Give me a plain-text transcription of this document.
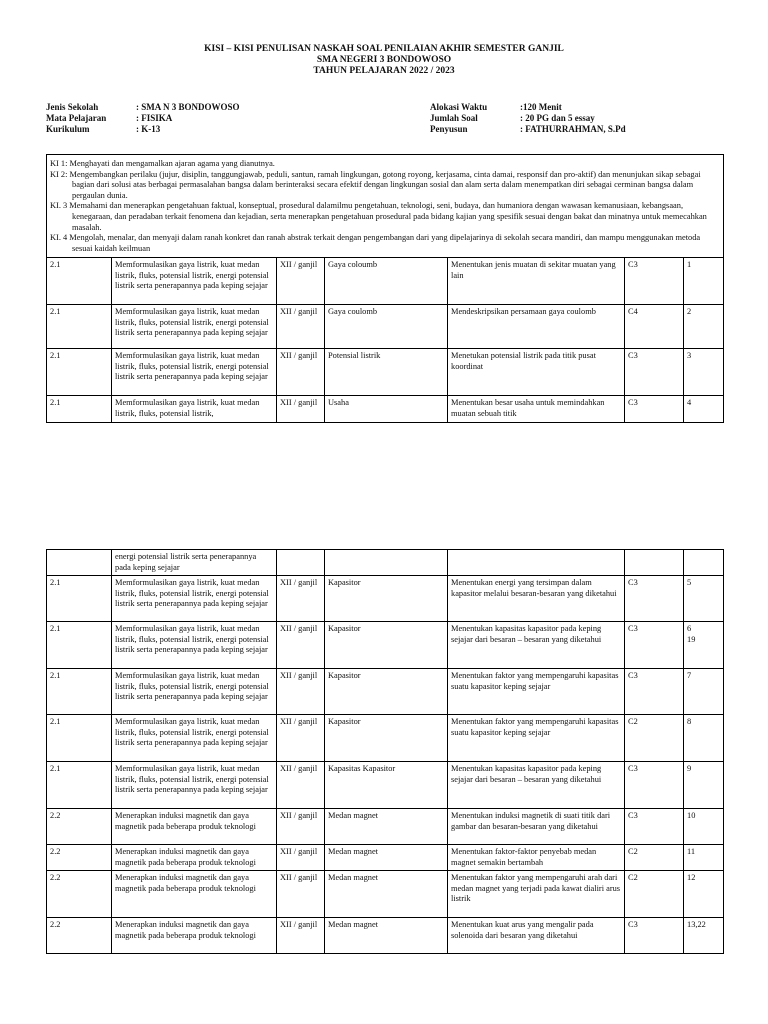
KISI – KISI PENULISAN NASKAH SOAL PENILAIAN AKHIR SEMESTER GANJIL
SMA NEGERI 3 BONDOWOSO
TAHUN PELAJARAN 2022 / 2023
Jenis Sekolah	: SMA N 3 BONDOWOSO
Mata Pelajaran	: FISIKA
Kurikulum	: K-13
Alokasi Waktu	:120 Menit
Jumlah Soal	: 20 PG dan 5 essay
Penyusun	: FATHURRAHMAN, S.Pd
KI 1: Menghayati dan mengamalkan ajaran agama yang dianutnya.
KI 2: Mengembangkan perilaku (jujur, disiplin, tanggungjawab, peduli, santun, ramah lingkungan, gotong royong, kerjasama, cinta damai, responsif dan pro-aktif) dan menunjukan sikap sebagai bagian dari solusi atas berbagai permasalahan bangsa dalam berinteraksi secara efektif dengan lingkungan sosial dan alam serta dalam menempatkan diri sebagai cerminan bangsa dalam pergaulan dunia.
KI. 3 Memahami dan menerapkan pengetahuan faktual, konseptual, prosedural dalamilmu pengetahuan, teknologi, seni, budaya, dan humaniora dengan wawasan kemanusiaan, kebangsaan, kenegaraan, dan peradaban terkait fenomena dan kejadian, serta menerapkan pengetahuan prosedural pada bidang kajian yang spesifik sesuai dengan bakat dan minatnya untuk memecahkan masalah.
KI. 4 Mengolah, menalar, dan menyaji dalam ranah konkret dan ranah abstrak terkait dengan pengembangan dari yang dipelajarinya di sekolah secara mandiri, dan mampu menggunakan metoda sesuai kaidah keilmuan						

2.1	Memformulasikan gaya listrik, kuat medan listrik, fluks, potensial listrik, energi potensial listrik serta penerapannya pada keping sejajar	XII / ganjil	Gaya coloumb	Menentukan jenis muatan di sekitar muatan yang lain	C3	1
2.1	Memformulasikan gaya listrik, kuat medan listrik, fluks, potensial listrik, energi potensial listrik serta penerapannya pada keping sejajar	XII / ganjil	Gaya coulomb	Mendeskripsikan persamaan gaya coulomb	C4	2
2.1	Memformulasikan gaya listrik, kuat medan listrik, fluks, potensial listrik, energi potensial listrik serta penerapannya pada keping sejajar	XII / ganjil	Potensial listrik	Menetukan potensial listrik pada titik pusat koordinat	C3	3
2.1	Memformulasikan gaya listrik, kuat medan listrik, fluks, potensial listrik,	XII / ganjil	Usaha	Menentukan besar usaha untuk memindahkan muatan sebuah titik	C3	4
	energi potensial listrik serta penerapannya pada keping sejajar					
2.1	Memformulasikan gaya listrik, kuat medan listrik, fluks, potensial listrik, energi potensial listrik serta penerapannya pada keping sejajar	XII / ganjil	Kapasitor	Menentukan energi yang tersimpan dalam kapasitor melalui besaran-besaran yang diketahui	C3	5
2.1	Memformulasikan gaya listrik, kuat medan listrik, fluks, potensial listrik, energi potensial listrik serta penerapannya pada keping sejajar	XII / ganjil	Kapasitor	Menentukan kapasitas kapasitor pada keping sejajar dari besaran – besaran yang diketahui	C3	6
19
2.1	Memformulasikan gaya listrik, kuat medan listrik, fluks, potensial listrik, energi potensial listrik serta penerapannya pada keping sejajar	XII / ganjil	Kapasitor	Menentukan faktor yang mempengaruhi kapasitas suatu kapasitor keping sejajar	C3	7
2.1	Memformulasikan gaya listrik, kuat medan listrik, fluks, potensial listrik, energi potensial listrik serta penerapannya pada keping sejajar	XII / ganjil	Kapasitor	Menentukan faktor yang mempengaruhi kapasitas suatu kapasitor keping sejajar	C2	8
2.1	Memformulasikan gaya listrik, kuat medan listrik, fluks, potensial listrik, energi potensial listrik serta penerapannya pada keping sejajar	XII / ganjil	Kapasitas Kapasitor	Menentukan kapasitas kapasitor pada keping sejajar dari besaran – besaran yang diketahui	C3	9
2.2	Menerapkan induksi magnetik dan gaya magnetik pada beberapa produk teknologi	XII / ganjil	Medan magnet	Menentukan induksi magnetik di suati titik dari gambar dan besaran-besaran yang diketahui	C3	10
2.2	Menerapkan induksi magnetik dan gaya magnetik pada beberapa produk teknologi	XII / ganjil	Medan magnet	Menentukan faktor-faktor penyebab medan magnet semakin bertambah	C2	11
2.2	Menerapkan induksi magnetik dan gaya magnetik pada beberapa produk teknologi	XII / ganjil	Medan magnet	Menentukan faktor yang mempengaruhi arah dari medan magnet yang terjadi pada kawat dialiri arus listrik	C2	12
2.2	Menerapkan induksi magnetik dan gaya magnetik pada beberapa produk teknologi	XII / ganjil	Medan magnet	Menentukan kuat arus yang mengalir pada solenoida dari besaran yang diketahui	C3	13,22
